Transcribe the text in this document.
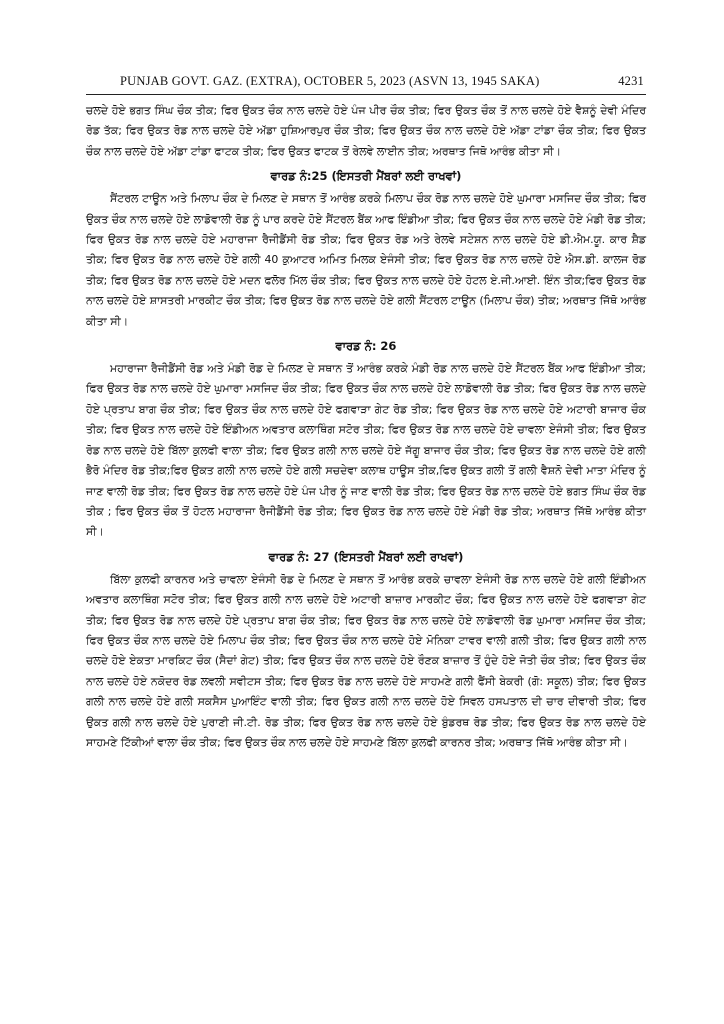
PUNJAB GOVT. GAZ. (EXTRA), OCTOBER 5, 2023 (ASVN 13, 1945 SAKA)	4231

ਚਲਦੇ ਹੋਏ ਭਗਤ ਸਿੰਘ ਚੌਕ ਤੀਕ; ਫਿਰ ਉਕਤ ਚੌਕ ਨਾਲ ਚਲਦੇ ਹੋਏ ਪੰਜ ਪੀਰ ਚੌਕ ਤੀਕ; ਫਿਰ ਉਕਤ ਚੌਕ ਤੋਂ ਨਾਲ ਚਲਦੇ ਹੋਏ ਵੈਸ਼ਨੂੰ ਦੇਵੀ ਮੰਦਿਰ ਰੋਡ ਤੱਕ; ਫਿਰ ਉਕਤ ਰੋਡ ਨਾਲ ਚਲਦੇ ਹੋਏ ਅੱਡਾ ਹੁਸ਼ਿਆਰਪੁਰ ਚੌਕ ਤੀਕ; ਫਿਰ ਉਕਤ ਚੌਕ ਨਾਲ ਚਲਦੇ ਹੋਏ ਅੱਡਾ ਟਾਂਡਾ ਚੌਕ ਤੀਕ; ਫਿਰ ਉਕਤ ਚੌਕ ਨਾਲ ਚਲਦੇ ਹੋਏ ਅੱਡਾ ਟਾਂਡਾ ਫਾਟਕ ਤੀਕ; ਫਿਰ ਉਕਤ ਫਾਟਕ ਤੋਂ ਰੇਲਵੇ ਲਾਈਨ ਤੀਕ; ਅਰਥਾਤ ਜਿਥੋ ਆਰੰਭ ਕੀਤਾ ਸੀ।

ਵਾਰਡ ਨੰ:25 (ਇਸਤਰੀ ਮੈਂਬਰਾਂ ਲਈ ਰਾਖਵਾਂ)

ਸੈਂਟਰਲ ਟਾਊਨ ਅਤੇ ਮਿਲਾਪ ਚੌਕ ਦੇ ਮਿਲਣ ਦੇ ਸਥਾਨ ਤੋਂ ਆਰੰਭ ਕਰਕੇ ਮਿਲਾਪ ਚੌਕ ਰੋਡ ਨਾਲ ਚਲਦੇ ਹੋਏ ਘੁਮਾਰਾ ਮਸਜਿਦ ਚੌਕ ਤੀਕ; ਫਿਰ ਉਕਤ ਚੌਕ ਨਾਲ ਚਲਦੇ ਹੋਏ ਲਾਡੋਵਾਲੀ ਰੋਡ ਨੂੰ ਪਾਰ ਕਰਦੇ ਹੋਏ ਸੈਂਟਰਲ ਬੈਂਕ ਆਫ ਇੰਡੀਆ ਤੀਕ; ਫਿਰ ਉਕਤ ਚੌਕ ਨਾਲ ਚਲਦੇ ਹੋਏ ਮੰਡੀ ਰੋਡ ਤੀਕ; ਫਿਰ ਉਕਤ ਰੋਡ ਨਾਲ ਚਲਦੇ ਹੋਏ ਮਹਾਰਾਜਾ ਰੈਜੀਡੈਂਸੀ ਰੋਡ ਤੀਕ; ਫਿਰ ਉਕਤ ਰੋਡ ਅਤੇ ਰੇਲਵੇ ਸਟੇਸ਼ਨ ਨਾਲ ਚਲਦੇ ਹੋਏ ਡੀ.ਐਮ.ਯੂ. ਕਾਰ ਸ਼ੈਡ ਤੀਕ; ਫਿਰ ਉਕਤ ਰੋਡ ਨਾਲ ਚਲਦੇ ਹੋਏ ਗਲੀ 40 ਕੁਆਟਰ ਅਮਿਤ ਮਿਲਕ ਏਜੰਸੀ ਤੀਕ; ਫਿਰ ਉਕਤ ਰੋਡ ਨਾਲ ਚਲਦੇ ਹੋਏ ਐਸ.ਡੀ. ਕਾਲਜ ਰੋਡ ਤੀਕ; ਫਿਰ ਉਕਤ ਰੋਡ ਨਾਲ ਚਲਦੇ ਹੋਏ ਮਦਨ ਫਲੋਰ ਮਿੱਲ ਚੌਕ ਤੀਕ; ਫਿਰ ਉਕਤ ਨਾਲ ਚਲਦੇ ਹੋਏ ਹੋਟਲ ਏ.ਜੀ.ਆਈ. ਇੰਨ ਤੀਕ;ਫਿਰ ਉਕਤ ਰੋਡ ਨਾਲ ਚਲਦੇ ਹੋਏ ਸ਼ਾਸਤਰੀ ਮਾਰਕੀਟ ਚੌਕ ਤੀਕ; ਫਿਰ ਉਕਤ ਰੋਡ ਨਾਲ ਚਲਦੇ ਹੋਏ ਗਲੀ ਸੈਂਟਰਲ ਟਾਊਨ (ਮਿਲਾਪ ਚੌਕ) ਤੀਕ; ਅਰਥਾਤ ਜਿੱਥੋ ਆਰੰਭ ਕੀਤਾ ਸੀ।

ਵਾਰਡ ਨੰ: 26

ਮਹਾਰਾਜਾ ਰੈਜੀਡੈਂਸੀ ਰੋਡ ਅਤੇ ਮੰਡੀ ਰੋਡ ਦੇ ਮਿਲਣ ਦੇ ਸਥਾਨ ਤੋਂ ਆਰੰਭ ਕਰਕੇ ਮੰਡੀ ਰੋਡ ਨਾਲ ਚਲਦੇ ਹੋਏ ਸੈਂਟਰਲ ਬੈਂਕ ਆਫ ਇੰਡੀਆ ਤੀਕ; ਫਿਰ ਉਕਤ ਰੋਡ ਨਾਲ ਚਲਦੇ ਹੋਏ ਘੁਮਾਰਾ ਮਸਜਿਦ ਚੌਕ ਤੀਕ; ਫਿਰ ਉਕਤ ਚੌਕ ਨਾਲ ਚਲਦੇ ਹੋਏ ਲਾਡੋਵਾਲੀ ਰੋਡ ਤੀਕ; ਫਿਰ ਉਕਤ ਰੋਡ ਨਾਲ ਚਲਦੇ ਹੋਏ ਪ੍ਰਤਾਪ ਬਾਗ ਚੌਕ ਤੀਕ; ਫਿਰ ਉਕਤ ਚੌਕ ਨਾਲ ਚਲਦੇ ਹੋਏ ਫਗਵਾੜਾ ਗੇਟ ਰੋਡ ਤੀਕ; ਫਿਰ ਉਕਤ ਰੋਡ ਨਾਲ ਚਲਦੇ ਹੋਏ ਅਟਾਰੀ ਬਾਜਾਰ ਚੌਕ ਤੀਕ; ਫਿਰ ਉਕਤ ਨਾਲ ਚਲਦੇ ਹੋਏ ਇੰਡੀਅਨ ਅਵਤਾਰ ਕਲਾਥਿੰਗ ਸਟੋਰ ਤੀਕ; ਫਿਰ ਉਕਤ ਰੋਡ ਨਾਲ ਚਲਦੇ ਹੋਏ ਚਾਵਲਾ ਏਜੰਸੀ ਤੀਕ; ਫਿਰ ਉਕਤ ਰੋਡ ਨਾਲ ਚਲਦੇ ਹੋਏ ਬਿੱਲਾ ਕੁਲਫੀ ਵਾਲਾ ਤੀਕ; ਫਿਰ ਉਕਤ ਗਲੀ ਨਾਲ ਚਲਦੇ ਹੋਏ ਜੱਗੂ ਬਾਜਾਰ ਚੌਕ ਤੀਕ; ਫਿਰ ਉਕਤ ਰੋਡ ਨਾਲ ਚਲਦੇ ਹੋਏ ਗਲੀ ਭੈਰੋ ਮੰਦਿਰ ਰੋਡ ਤੀਕ;ਫਿਰ ਉਕਤ ਗਲੀ ਨਾਲ ਚਲਦੇ ਹੋਏ ਗਲੀ ਸਚਦੇਵਾ ਕਲਾਥ ਹਾਊਸ ਤੀਕ,ਫਿਰ ਉਕਤ ਗਲੀ ਤੋਂ ਗਲੀ ਵੈਸ਼ਨੋ ਦੇਵੀ ਮਾਤਾ ਮੰਦਿਰ ਨੂੰ ਜਾਣ ਵਾਲੀ ਰੋਡ ਤੀਕ; ਫਿਰ ਉਕਤ ਰੋਡ ਨਾਲ ਚਲਦੇ ਹੋਏ ਪੰਜ ਪੀਰ ਨੂੰ ਜਾਣ ਵਾਲੀ ਰੋਡ ਤੀਕ; ਫਿਰ ਉਕਤ ਰੋਡ ਨਾਲ ਚਲਦੇ ਹੋਏ ਭਗਤ ਸਿੰਘ ਚੌਕ ਰੋਡ ਤੀਕ ; ਫਿਰ ਉਕਤ ਚੌਕ ਤੋਂ ਹੋਟਲ ਮਹਾਰਾਜਾ ਰੈਜੀਡੈਂਸੀ ਰੋਡ ਤੀਕ; ਫਿਰ ਉਕਤ ਰੋਡ ਨਾਲ ਚਲਦੇ ਹੋਏ ਮੰਡੀ ਰੋਡ ਤੀਕ; ਅਰਥਾਤ ਜਿੱਥੋ ਆਰੰਭ ਕੀਤਾ ਸੀ।

ਵਾਰਡ ਨੰ: 27 (ਇਸਤਰੀ ਮੈਂਬਰਾਂ ਲਈ ਰਾਖਵਾਂ)

ਬਿੱਲਾ ਕੁਲਫੀ ਕਾਰਨਰ ਅਤੇ ਚਾਵਲਾ ਏਜੰਸੀ ਰੋਡ ਦੇ ਮਿਲਣ ਦੇ ਸਥਾਨ ਤੋਂ ਆਰੰਭ ਕਰਕੇ ਚਾਵਲਾ ਏਜੰਸੀ ਰੋਡ ਨਾਲ ਚਲਦੇ ਹੋਏ ਗਲੀ ਇੰਡੀਅਨ ਅਵਤਾਰ ਕਲਾਥਿੰਗ ਸਟੋਰ ਤੀਕ; ਫਿਰ ਉਕਤ ਗਲੀ ਨਾਲ ਚਲਦੇ ਹੋਏ ਅਟਾਰੀ ਬਾਜ਼ਾਰ ਮਾਰਕੀਟ ਚੌਕ; ਫਿਰ ਉਕਤ ਨਾਲ ਚਲਦੇ ਹੋਏ ਫਗਵਾੜਾ ਗੇਟ ਤੀਕ; ਫਿਰ ਉਕਤ ਰੋਡ ਨਾਲ ਚਲਦੇ ਹੋਏ ਪ੍ਰਤਾਪ ਬਾਗ ਚੌਕ ਤੀਕ; ਫਿਰ ਉਕਤ ਰੋਡ ਨਾਲ ਚਲਦੇ ਹੋਏ ਲਾਡੋਵਾਲੀ ਰੋਡ ਘੁਮਾਰਾ ਮਸਜਿਦ ਚੌਕ ਤੀਕ; ਫਿਰ ਉਕਤ ਚੌਕ ਨਾਲ ਚਲਦੇ ਹੋਏ ਮਿਲਾਪ ਚੌਕ ਤੀਕ; ਫਿਰ ਉਕਤ ਚੌਕ ਨਾਲ ਚਲਦੇ ਹੋਏ ਮੋਨਿਕਾ ਟਾਵਰ ਵਾਲੀ ਗਲੀ ਤੀਕ; ਫਿਰ ਉਕਤ ਗਲੀ ਨਾਲ ਚਲਦੇ ਹੋਏ ਏਕਤਾ ਮਾਰਕਿਟ ਚੌਕ (ਸੈਦਾਂ ਗੇਟ) ਤੀਕ; ਫਿਰ ਉਕਤ ਚੌਕ ਨਾਲ ਚਲਦੇ ਹੋਏ ਰੌਣਕ ਬਾਜ਼ਾਰ ਤੋਂ ਹੁੰਦੇ ਹੋਏ ਜੋਤੀ ਚੌਕ ਤੀਕ; ਫਿਰ ਉਕਤ ਚੌਕ ਨਾਲ ਚਲਦੇ ਹੋਏ ਨਕੋਦਰ ਰੋਡ ਲਵਲੀ ਸਵੀਟਸ ਤੀਕ; ਫਿਰ ਉਕਤ ਰੋਡ ਨਾਲ ਚਲਦੇ ਹੋਏ ਸਾਹਮਣੇ ਗਲੀ ਫੈਂਸੀ ਬੇਕਰੀ (ਗੋ: ਸਕੂਲ) ਤੀਕ; ਫਿਰ ਉਕਤ ਗਲੀ ਨਾਲ ਚਲਦੇ ਹੋਏ ਗਲੀ ਸਕਸੈਸ ਪੁਆਇੰਟ ਵਾਲੀ ਤੀਕ; ਫਿਰ ਉਕਤ ਗਲੀ ਨਾਲ ਚਲਦੇ ਹੋਏ ਸਿਵਲ ਹਸਪਤਾਲ ਦੀ ਚਾਰ ਦੀਵਾਰੀ ਤੀਕ; ਫਿਰ ਉਕਤ ਗਲੀ ਨਾਲ ਚਲਦੇ ਹੋਏ ਪੁਰਾਣੀ ਜੀ.ਟੀ. ਰੋਡ ਤੀਕ; ਫਿਰ ਉਕਤ ਰੋਡ ਨਾਲ ਚਲਦੇ ਹੋਏ ਬੁੰਡਰਥ ਰੋਡ ਤੀਕ; ਫਿਰ ਉਕਤ ਰੋਡ ਨਾਲ ਚਲਦੇ ਹੋਏ ਸਾਹਮਣੇ ਟਿੱਕੀਆਂ ਵਾਲਾ ਚੌਕ ਤੀਕ; ਫਿਰ ਉਕਤ ਚੌਕ ਨਾਲ ਚਲਦੇ ਹੋਏ ਸਾਹਮਣੇ ਬਿੱਲਾ ਕੁਲਫੀ ਕਾਰਨਰ ਤੀਕ; ਅਰਥਾਤ ਜਿੱਥੋ ਆਰੰਭ ਕੀਤਾ ਸੀ।
